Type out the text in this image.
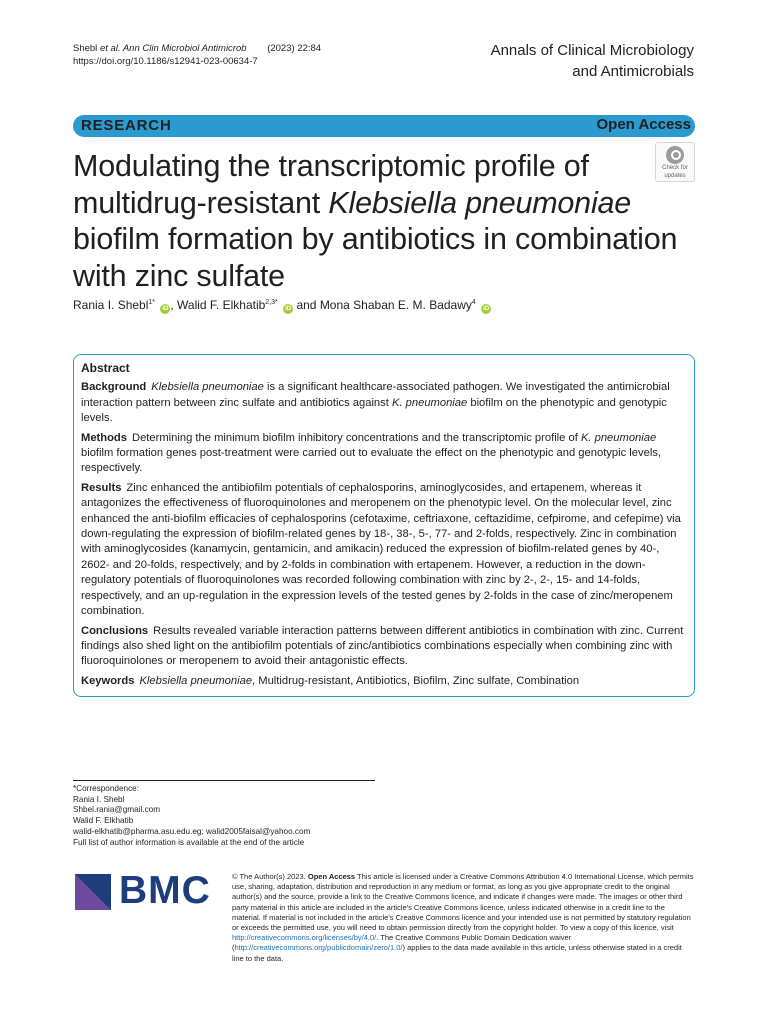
Shebl et al. Ann Clin Microbiol Antimicrob (2023) 22:84
https://doi.org/10.1186/s12941-023-00634-7
Annals of Clinical Microbiology
and Antimicrobials
RESEARCH	Open Access
Check for
updates
Modulating the transcriptomic profile of multidrug-resistant Klebsiella pneumoniae biofilm formation by antibiotics in combination with zinc sulfate
Rania I. Shebl$^{1*}$ iD , Walid F. Elkhatib$^{2,3*}$ iD and Mona Shaban E. M. Badawy$^4$ iD
Abstract

Background Klebsiella pneumoniae is a significant healthcare-associated pathogen. We investigated the antimicrobial interaction pattern between zinc sulfate and antibiotics against K. pneumoniae biofilm on the phenotypic and genotypic levels.

Methods Determining the minimum biofilm inhibitory concentrations and the transcriptomic profile of K. pneumoniae biofilm formation genes post-treatment were carried out to evaluate the effect on the phenotypic and genotypic levels, respectively.

Results Zinc enhanced the antibiofilm potentials of cephalosporins, aminoglycosides, and ertapenem, whereas it antagonizes the effectiveness of fluoroquinolones and meropenem on the phenotypic level. On the molecular level, zinc enhanced the anti-biofilm efficacies of cephalosporins (cefotaxime, ceftriaxone, ceftazidime, cefpirome, and cefepime) via down-regulating the expression of biofilm-related genes by 18-, 38-, 5-, 77- and 2-folds, respectively. Zinc in combination with aminoglycosides (kanamycin, gentamicin, and amikacin) reduced the expression of biofilm-related genes by 40-, 2602- and 20-folds, respectively, and by 2-folds in combination with ertapenem. However, a reduction in the down-regulatory potentials of fluoroquinolones was recorded following combination with zinc by 2-, 2-, 15- and 14-folds, respectively, and an up-regulation in the expression levels of the tested genes by 2-folds in the case of zinc/meropenem combination.

Conclusions Results revealed variable interaction patterns between different antibiotics in combination with zinc. Current findings also shed light on the antibiofilm potentials of zinc/antibiotics combinations especially when combining zinc with fluoroquinolones or meropenem to avoid their antagonistic effects.

Keywords Klebsiella pneumoniae, Multidrug-resistant, Antibiotics, Biofilm, Zinc sulfate, Combination

*Correspondence:
Rania I. Shebl
Shbel.rania@gmail.com
Walid F. Elkhatib
walid-elkhatib@pharma.asu.edu.eg; walid2005faisal@yahoo.com
Full list of author information is available at the end of the article
BMC	© The Author(s) 2023. Open Access This article is licensed under a Creative Commons Attribution 4.0 International License, which permits use, sharing, adaptation, distribution and reproduction in any medium or format, as long as you give appropriate credit to the original author(s) and the source, provide a link to the Creative Commons licence, and indicate if changes were made. The images or other third party material in this article are included in the article's Creative Commons licence, unless indicated otherwise in a credit line to the material. If material is not included in the article's Creative Commons licence and your intended use is not permitted by statutory regulation or exceeds the permitted use, you will need to obtain permission directly from the copyright holder. To view a copy of this licence, visit http://creativecommons.org/licenses/by/4.0/. The Creative Commons Public Domain Dedication waiver (http://creativecommons.org/publicdomain/zero/1.0/) applies to the data made available in this article, unless otherwise stated in a credit line to the data.
